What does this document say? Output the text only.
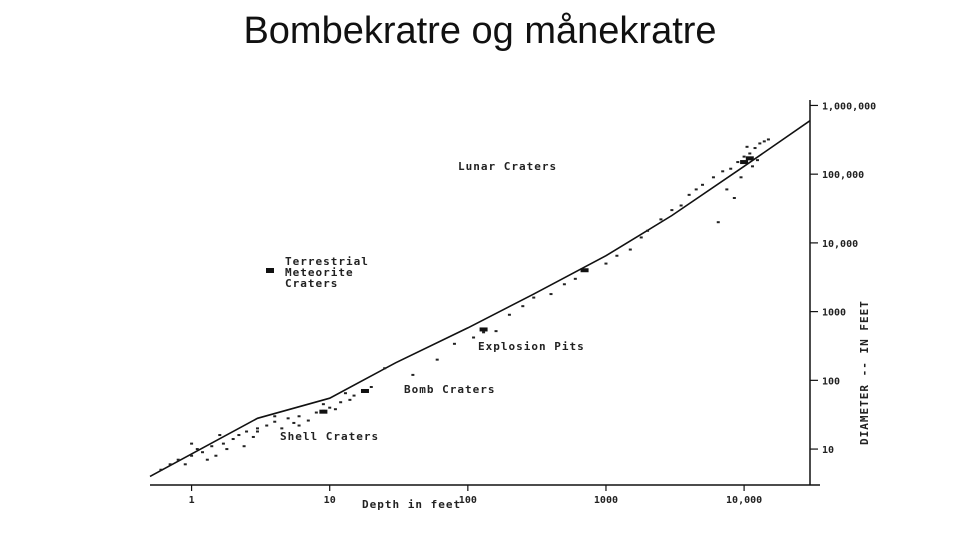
Bombekratre og månekratre
1	10	100	1000	10,000
10
100
1000
10,000
100,000
1,000,000
Lunar Craters
Terrestrial
Meteorite
Craters
Explosion Pits
Bomb Craters
Shell Craters
Depth in feet
DIAMETER -- IN FEET
